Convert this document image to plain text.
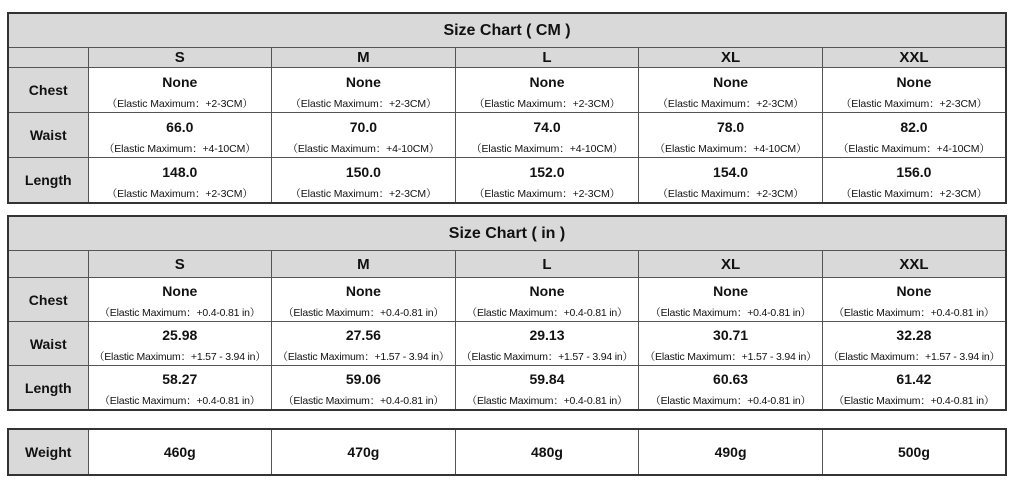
Size Chart ( CM )					
	S	M	L	XL	XXL
Chest	None	None	None	None	None
	（Elastic Maximum：+2-3CM）	（Elastic Maximum：+2-3CM）	（Elastic Maximum：+2-3CM）	（Elastic Maximum：+2-3CM）	（Elastic Maximum：+2-3CM）
Waist	66.0	70.0	74.0	78.0	82.0
	（Elastic Maximum：+4-10CM）	（Elastic Maximum：+4-10CM）	（Elastic Maximum：+4-10CM）	（Elastic Maximum：+4-10CM）	（Elastic Maximum：+4-10CM）
Length	148.0	150.0	152.0	154.0	156.0
	（Elastic Maximum：+2-3CM）	（Elastic Maximum：+2-3CM）	（Elastic Maximum：+2-3CM）	（Elastic Maximum：+2-3CM）	（Elastic Maximum：+2-3CM）
Size Chart ( in )					
	S	M	L	XL	XXL
Chest	None	None	None	None	None
	（Elastic Maximum：+0.4-0.81 in）	（Elastic Maximum：+0.4-0.81 in）	（Elastic Maximum：+0.4-0.81 in）	（Elastic Maximum：+0.4-0.81 in）	（Elastic Maximum：+0.4-0.81 in）
Waist	25.98	27.56	29.13	30.71	32.28
	（Elastic Maximum：+1.57 - 3.94 in）	（Elastic Maximum：+1.57 - 3.94 in）	（Elastic Maximum：+1.57 - 3.94 in）	（Elastic Maximum：+1.57 - 3.94 in）	（Elastic Maximum：+1.57 - 3.94 in）
Length	58.27	59.06	59.84	60.63	61.42
	（Elastic Maximum：+0.4-0.81 in）	（Elastic Maximum：+0.4-0.81 in）	（Elastic Maximum：+0.4-0.81 in）	（Elastic Maximum：+0.4-0.81 in）	（Elastic Maximum：+0.4-0.81 in）
Weight	460g	470g	480g	490g	500g
